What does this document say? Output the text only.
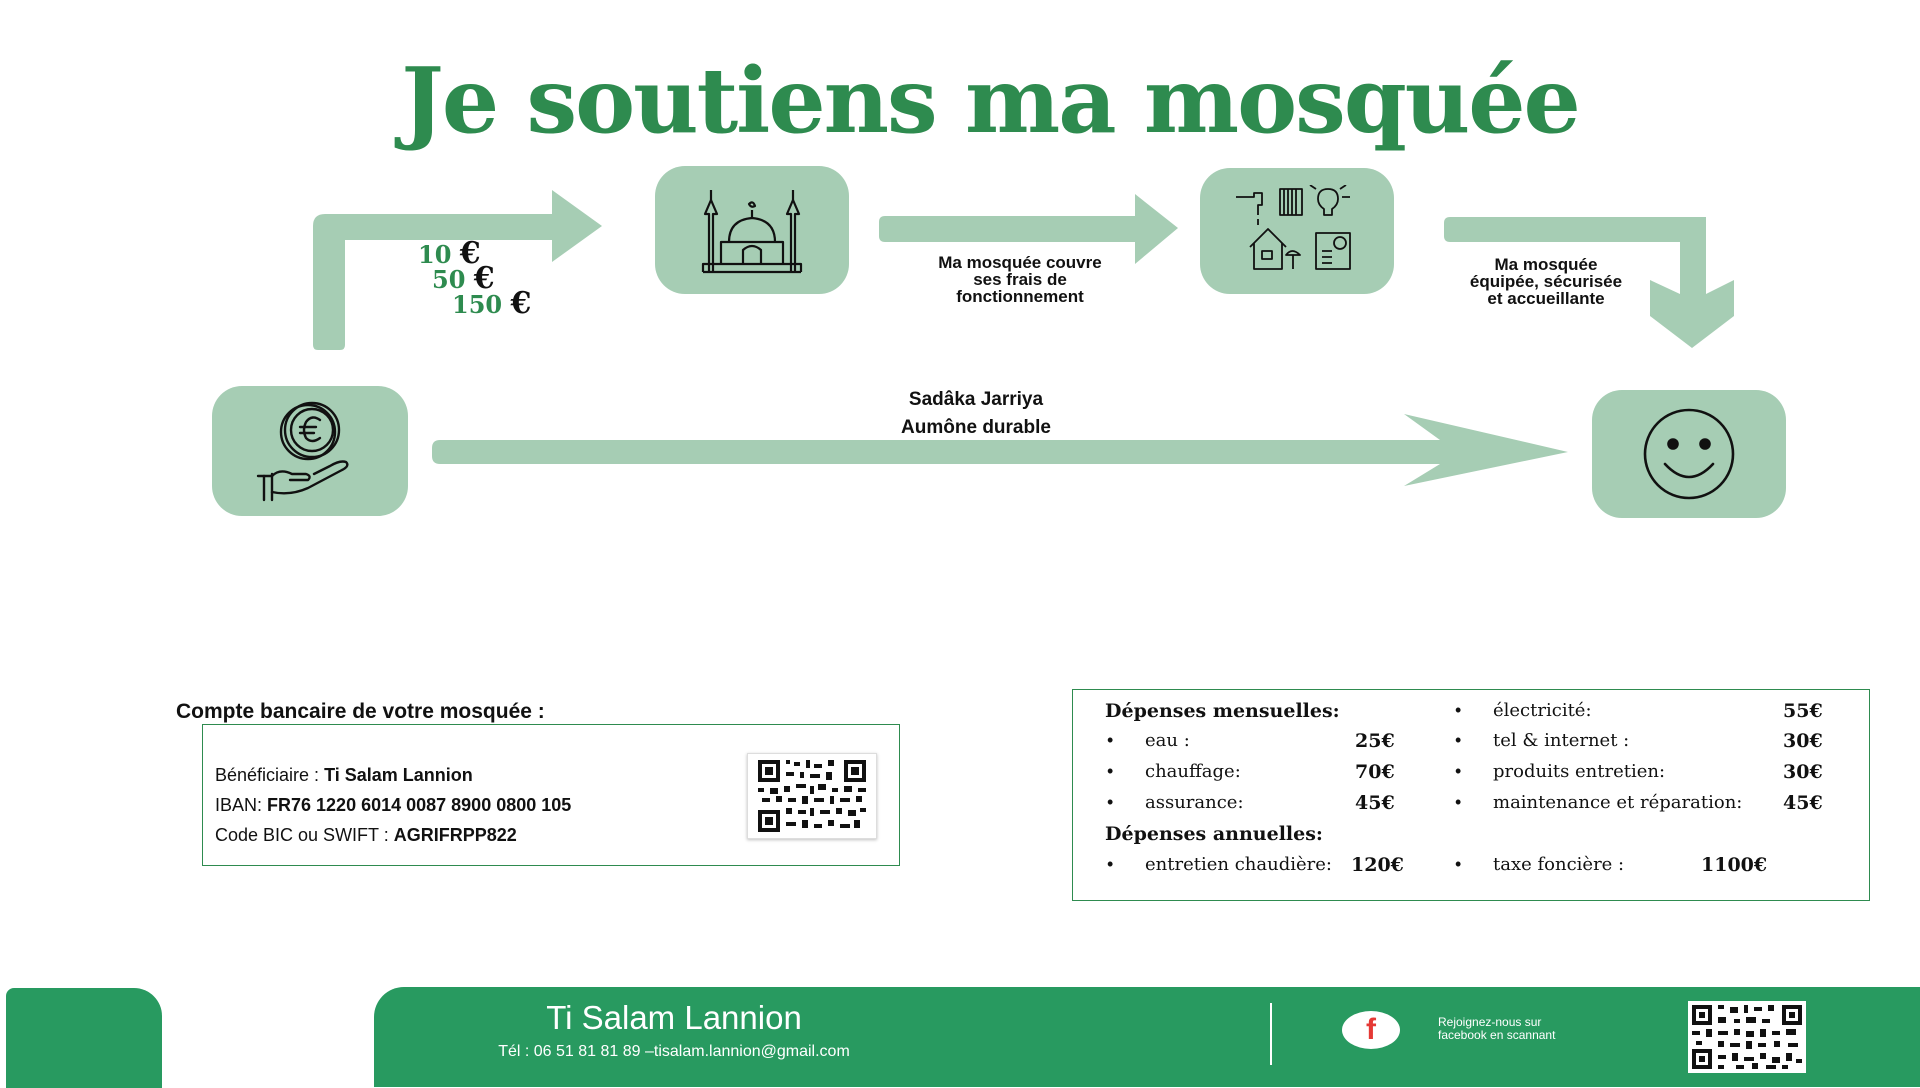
Je soutiens ma mosquée
10 €
50 €
150 €
Ma mosquée couvre
ses frais de
fonctionnement
Ma mosquée
équipée, sécurisée
et accueillante
Sadâka Jarriya
Aumône durable
Compte bancaire de votre mosquée :
Bénéficiaire : Ti Salam Lannion
IBAN: FR76 1220 6014 0087 8900 0800 105
Code BIC ou SWIFT : AGRIFRPP822
Dépenses mensuelles:
• eau :	25€
• chauffage:	70€
• assurance:	45€
• électricité:	55€
• tel & internet :	30€
• produits entretien:	30€
• maintenance et réparation: 45€
Dépenses annuelles:
• entretien chaudière: 120€
•	taxe foncière :	1100€
Ti Salam Lannion
Tél : 06 51 81 81 89 –tisalam.lannion@gmail.com
f	Rejoignez-nous sur
facebook en scannant
